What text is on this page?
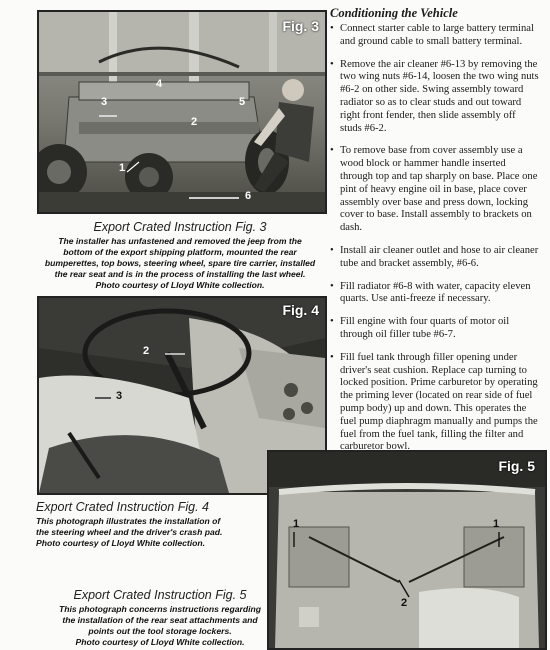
Fig. 3
4
3
2
1
6
5
Export Crated Instruction Fig. 3
The installer has unfastened and removed the jeep from the
bottom of the export shipping platform, mounted the rear
bumperettes, top bows, steering wheel, spare tire carrier, installed
the rear seat and is in the process of installing the last wheel.
Photo courtesy of Lloyd White collection.
Fig. 4
2
3
Export Crated Instruction Fig. 4
This photograph illustrates the installation of
the steering wheel and the driver's crash pad.
Photo courtesy of Lloyd White collection.
Export Crated Instruction Fig. 5
This photograph concerns instructions regarding
the installation of the rear seat attachments and
points out the tool storage lockers.
Photo courtesy of Lloyd White collection.
Fig. 5
1	1
2
Conditioning the Vehicle
• Connect starter cable to large battery terminal and ground cable to small battery terminal.
• Remove the air cleaner #6-13 by removing the two wing nuts #6-14, loosen the two wing nuts #6-2 on other side. Swing assembly toward radiator so as to clear studs and out toward right front fender, then slide assembly off studs #6-2.
• To remove base from cover assembly use a wood block or hammer handle inserted through top and tap sharply on base. Place one pint of heavy engine oil in base, place cover assembly over base and press down, locking cover to base. Install assembly to brackets on dash.
• Install air cleaner outlet and hose to air cleaner tube and bracket assembly, #6-6.
• Fill radiator #6-8 with water, capacity eleven quarts. Use anti-freeze if necessary.
• Fill engine with four quarts of motor oil through oil filler tube #6-7.
• Fill fuel tank through filler opening under driver's seat cushion. Replace cap turning to locked position. Prime carburetor by operating the priming lever (located on rear side of fuel pump body) up and down. This operates the fuel pump diaphragm manually and pumps the fuel from the fuel tank, filling the filter and carburetor bowl.
